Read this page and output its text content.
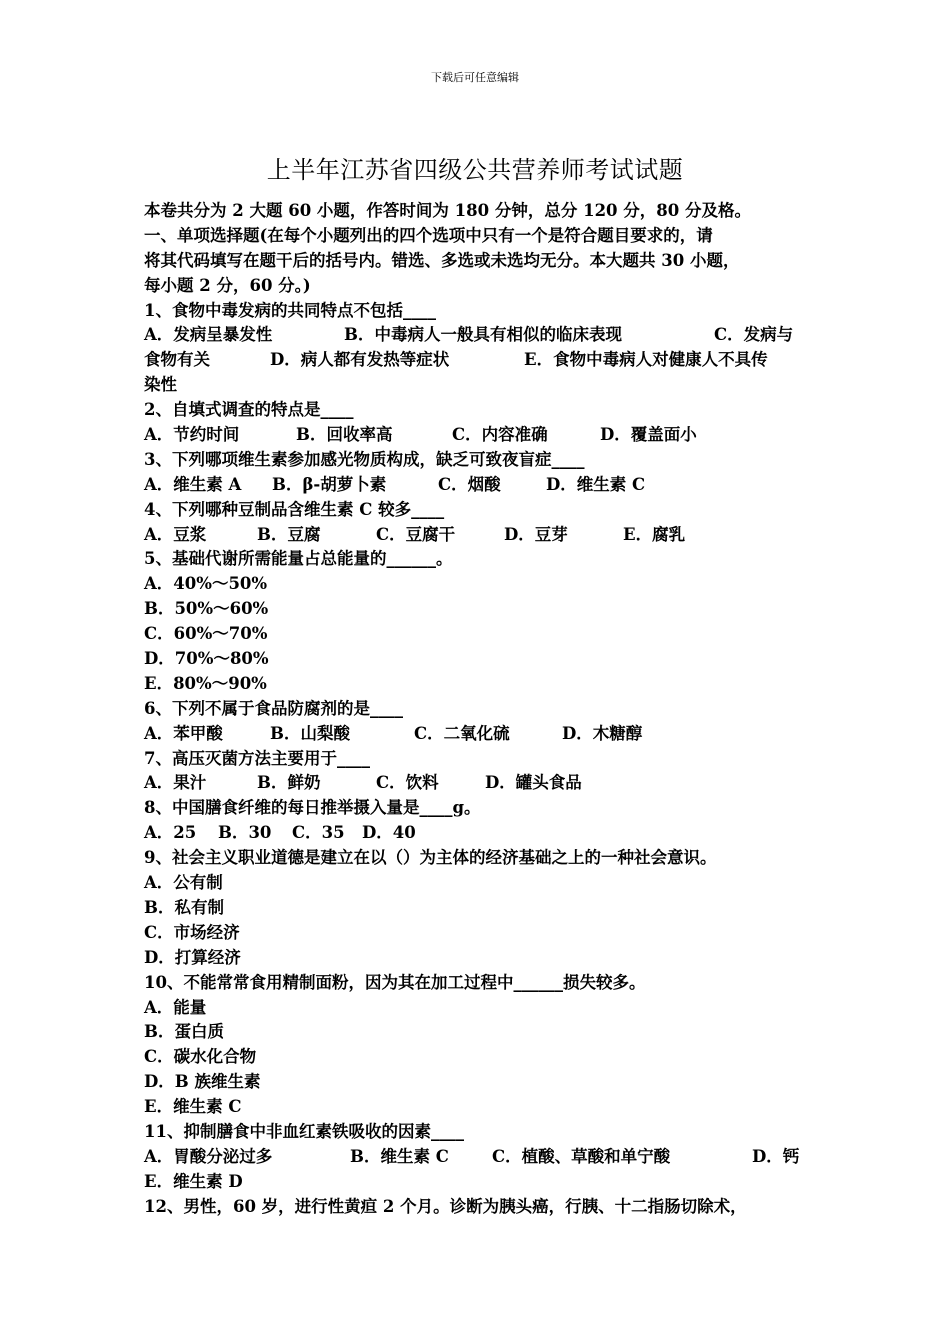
下载后可任意编辑
上半年江苏省四级公共营养师考试试题
本卷共分为 2 大题 60 小题，作答时间为 180 分钟，总分 120 分，80 分及格。
一、单项选择题(在每个小题列出的四个选项中只有一个是符合题目要求的，请
将其代码填写在题干后的括号内。错选、多选或未选均无分。本大题共 30 小题，
每小题 2 分，60 分。)
1、食物中毒发病的共同特点不包括____
A．发病呈暴发性	B．中毒病人一般具有相似的临床表现	C．发病与
食物有关	D．病人都有发热等症状	E．食物中毒病人对健康人不具传
染性
2、自填式调查的特点是____
A．节约时间	B．回收率高	C．内容准确	D．覆盖面小
3、下列哪项维生素参加感光物质构成，缺乏可致夜盲症____
A．维生素 A B．β-胡萝卜素	C．烟酸	D．维生素 C
4、下列哪种豆制品含维生素 C 较多____
A．豆浆	B．豆腐	C．豆腐干	D．豆芽	E．腐乳
5、基础代谢所需能量占总能量的______。
A．40%～50%
B．50%～60%
C．60%～70%
D．70%～80%
E．80%～90%
6、下列不属于食品防腐剂的是____
A．苯甲酸	B．山梨酸	C．二氧化硫	D．木糖醇
7、高压灭菌方法主要用于____
A．果汁	B．鲜奶	C．饮料	D．罐头食品
8、中国膳食纤维的每日推举摄入量是____g。
A．25 B．30 C．35 D．40
9、社会主义职业道德是建立在以（）为主体的经济基础之上的一种社会意识。
A．公有制
B．私有制
C．市场经济
D．打算经济
10、不能常常食用精制面粉，因为其在加工过程中______损失较多。
A．能量
B．蛋白质
C．碳水化合物
D．B 族维生素
E．维生素 C
11、抑制膳食中非血红素铁吸收的因素____
A．胃酸分泌过多	B．维生素 C	C．植酸、草酸和单宁酸	D．钙
E．维生素 D
12、男性，60 岁，进行性黄疸 2 个月。诊断为胰头癌，行胰、十二指肠切除术，
